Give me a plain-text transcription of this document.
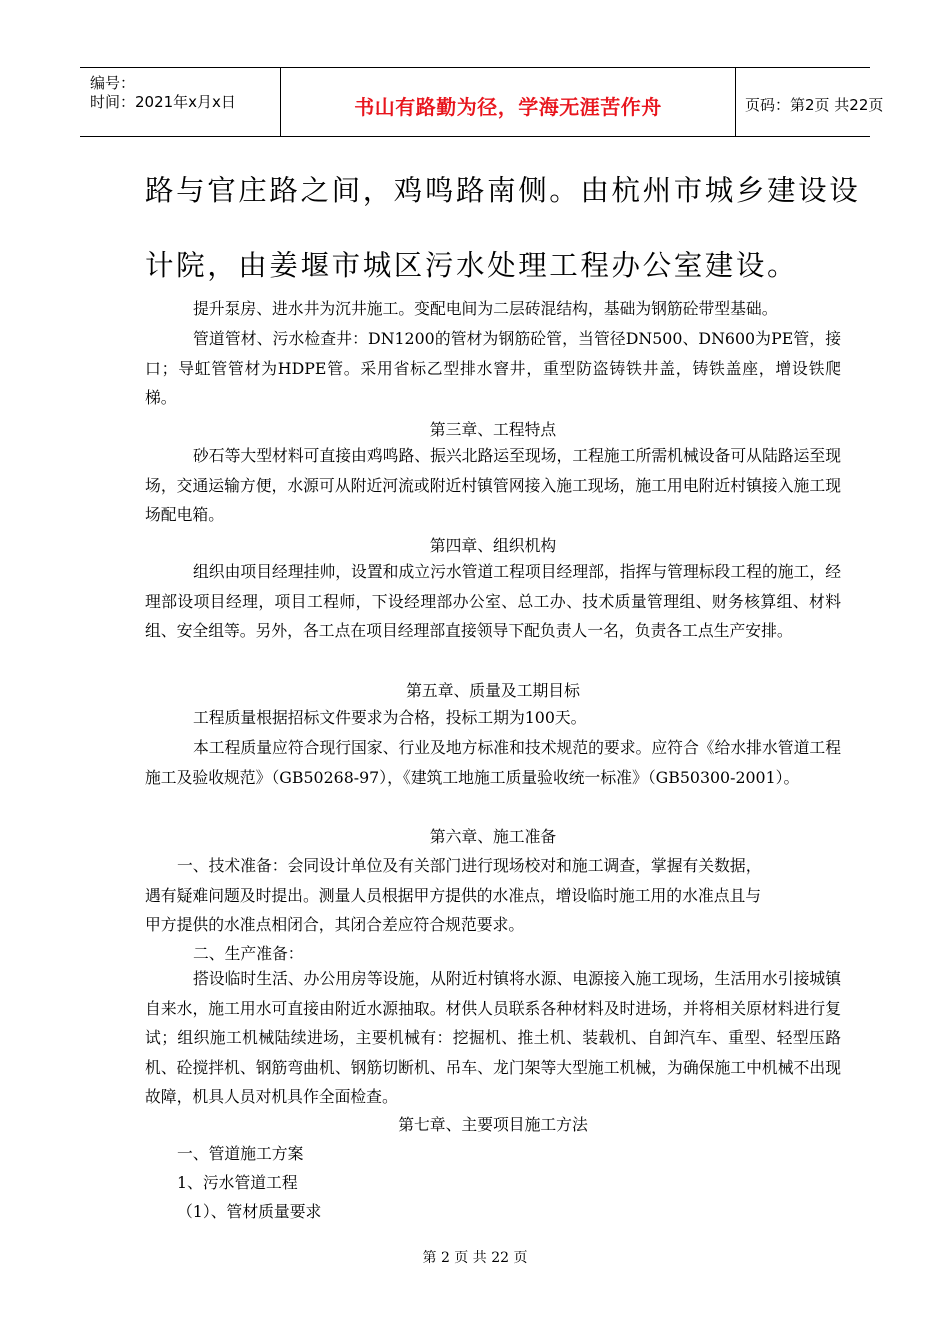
编号：
时间：2021年x月x日	书山有路勤为径，学海无涯苦作舟	页码：第2页 共22页
路与官庄路之间，鸡鸣路南侧。由杭州市城乡建设设
计院，由姜堰市城区污水处理工程办公室建设。

提升泵房、进水井为沉井施工。变配电间为二层砖混结构，基础为钢筋砼带型基础。

管道管材、污水检查井：DN1200的管材为钢筋砼管，当管径DN500、DN600为PE管，接口；导虹管管材为HDPE管。采用省标乙型排水窨井，重型防盗铸铁井盖，铸铁盖座，增设铁爬梯。

第三章、工程特点

砂石等大型材料可直接由鸡鸣路、振兴北路运至现场，工程施工所需机械设备可从陆路运至现场，交通运输方便，水源可从附近河流或附近村镇管网接入施工现场，施工用电附近村镇接入施工现场配电箱。

第四章、组织机构

组织由项目经理挂帅，设置和成立污水管道工程项目经理部，指挥与管理标段工程的施工，经理部设项目经理，项目工程师，下设经理部办公室、总工办、技术质量管理组、财务核算组、材料组、安全组等。另外，各工点在项目经理部直接领导下配负责人一名，负责各工点生产安排。

第五章、质量及工期目标

工程质量根据招标文件要求为合格，投标工期为100天。

本工程质量应符合现行国家、行业及地方标准和技术规范的要求。应符合《给水排水管道工程施工及验收规范》（GB50268-97），《建筑工地施工质量验收统一标准》（GB50300-2001）。

第六章、施工准备
一、技术准备：会同设计单位及有关部门进行现场校对和施工调查，掌握有关数据，
遇有疑难问题及时提出。测量人员根据甲方提供的水准点，增设临时施工用的水准点且与
甲方提供的水准点相闭合，其闭合差应符合规范要求。
二、生产准备：

搭设临时生活、办公用房等设施，从附近村镇将水源、电源接入施工现场，生活用水引接城镇自来水，施工用水可直接由附近水源抽取。材供人员联系各种材料及时进场，并将相关原材料进行复试；组织施工机械陆续进场，主要机械有：挖掘机、推土机、装载机、自卸汽车、重型、轻型压路机、砼搅拌机、钢筋弯曲机、钢筋切断机、吊车、龙门架等大型施工机械，为确保施工中机械不出现故障，机具人员对机具作全面检查。

第七章、主要项目施工方法
一、管道施工方案
1、污水管道工程
（1）、管材质量要求
第 2 页 共 22 页
